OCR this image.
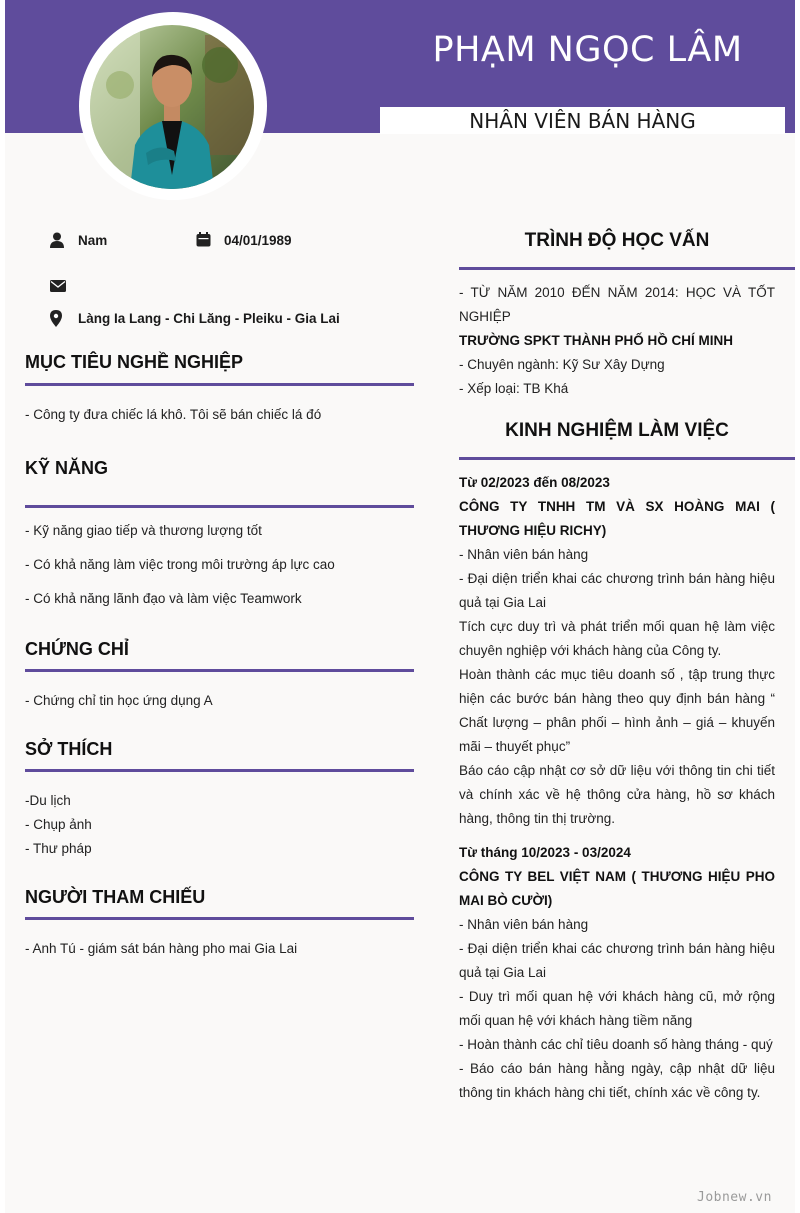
PHẠM NGỌC LÂM
NHÂN VIÊN BÁN HÀNG
Nam	04/01/1989
Làng Ia Lang - Chi Lăng - Pleiku - Gia Lai
MỤC TIÊU NGHỀ NGHIỆP
- Công ty đưa chiếc lá khô. Tôi sẽ bán chiếc lá đó
KỸ NĂNG
- Kỹ năng giao tiếp và thương lượng tốt
- Có khả năng làm việc trong môi trường áp lực cao
- Có khả năng lãnh đạo và làm việc Teamwork
CHỨNG CHỈ
- Chứng chỉ tin học ứng dụng A
SỞ THÍCH
-Du lịch
- Chụp ảnh
- Thư pháp
NGƯỜI THAM CHIẾU
- Anh Tú - giám sát bán hàng pho mai Gia Lai
TRÌNH ĐỘ HỌC VẤN
- TỪ NĂM 2010 ĐẾN NĂM 2014: HỌC VÀ TỐT NGHIỆP
TRƯỜNG SPKT THÀNH PHỐ HỒ CHÍ MINH
- Chuyên ngành: Kỹ Sư Xây Dựng
- Xếp loại: TB Khá
KINH NGHIỆM LÀM VIỆC
Từ 02/2023 đến 08/2023
CÔNG TY TNHH TM VÀ SX HOÀNG MAI ( THƯƠNG HIỆU RICHY)
- Nhân viên bán hàng
- Đại diện triển khai các chương trình bán hàng hiệu quả tại Gia Lai
Tích cực duy trì và phát triển mối quan hệ làm việc chuyên nghiệp với khách hàng của Công ty.
Hoàn thành các mục tiêu doanh số , tập trung thực hiện các bước bán hàng theo quy định bán hàng “ Chất lượng – phân phối – hình ảnh – giá – khuyến mãi – thuyết phục”
Báo cáo cập nhật cơ sở dữ liệu với thông tin chi tiết và chính xác về hệ thông cửa hàng, hồ sơ khách hàng, thông tin thị trường.
Từ tháng 10/2023 - 03/2024
CÔNG TY BEL VIỆT NAM ( THƯƠNG HIỆU PHO MAI BÒ CƯỜI)
- Nhân viên bán hàng
- Đại diện triển khai các chương trình bán hàng hiệu quả tại Gia Lai
- Duy trì mối quan hệ với khách hàng cũ, mở rộng mối quan hệ với khách hàng tiềm năng
- Hoàn thành các chỉ tiêu doanh số hàng tháng - quý
- Báo cáo bán hàng hằng ngày, cập nhật dữ liệu thông tin khách hàng chi tiết, chính xác về công ty.
Jobnew.vn
